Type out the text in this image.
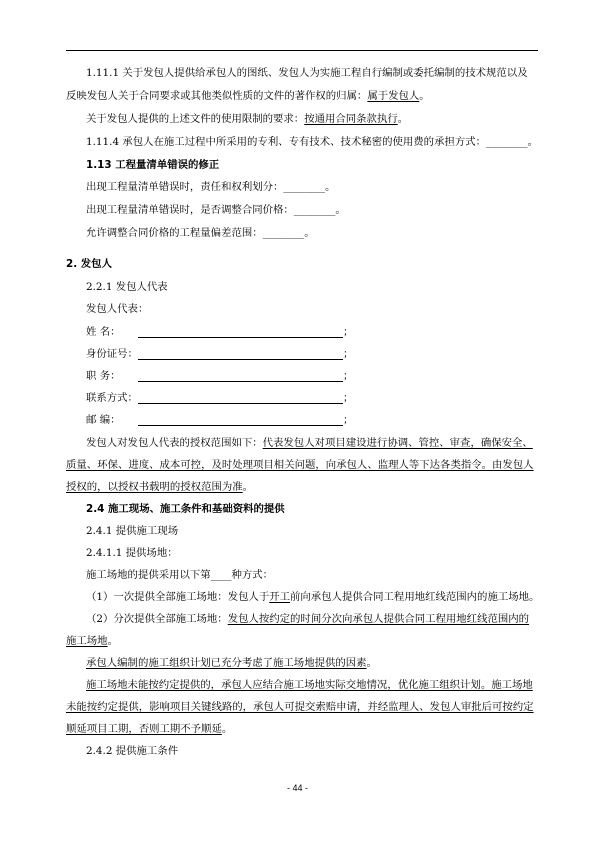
1.11.1 关于发包人提供给承包人的图纸、发包人为实施工程自行编制或委托编制的技术规范以及
反映发包人关于合同要求或其他类似性质的文件的著作权的归属：属于发包人。
关于发包人提供的上述文件的使用限制的要求：按通用合同条款执行。
1.11.4 承包人在施工过程中所采用的专利、专有技术、技术秘密的使用费的承担方式：________。
1.13 工程量清单错误的修正
出现工程量清单错误时，责任和权利划分：________。
出现工程量清单错误时，是否调整合同价格：________。
允许调整合同价格的工程量偏差范围：________。
2. 发包人
2.2.1 发包人代表
发包人代表：
姓 名：	；
身份证号：	；
职 务：	；
联系方式：	；
邮 编：	；
发包人对发包人代表的授权范围如下：代表发包人对项目建设进行协调、管控、审查，确保安全、
质量、环保、进度、成本可控，及时处理项目相关问题，向承包人、监理人等下达各类指令。由发包人
授权的，以授权书载明的授权范围为准。
2.4 施工现场、施工条件和基础资料的提供
2.4.1 提供施工现场
2.4.1.1 提供场地：
施工场地的提供采用以下第____种方式：
（1）一次提供全部施工场地：发包人于开工前向承包人提供合同工程用地红线范围内的施工场地。
（2）分次提供全部施工场地：发包人按约定的时间分次向承包人提供合同工程用地红线范围内的
施工场地。
承包人编制的施工组织计划已充分考虑了施工场地提供的因素。
施工场地未能按约定提供的，承包人应结合施工场地实际交地情况，优化施工组织计划。施工场地
未能按约定提供，影响项目关键线路的，承包人可提交索赔申请，并经监理人、发包人审批后可按约定
顺延项目工期，否则工期不予顺延。
2.4.2 提供施工条件
- 44 -
